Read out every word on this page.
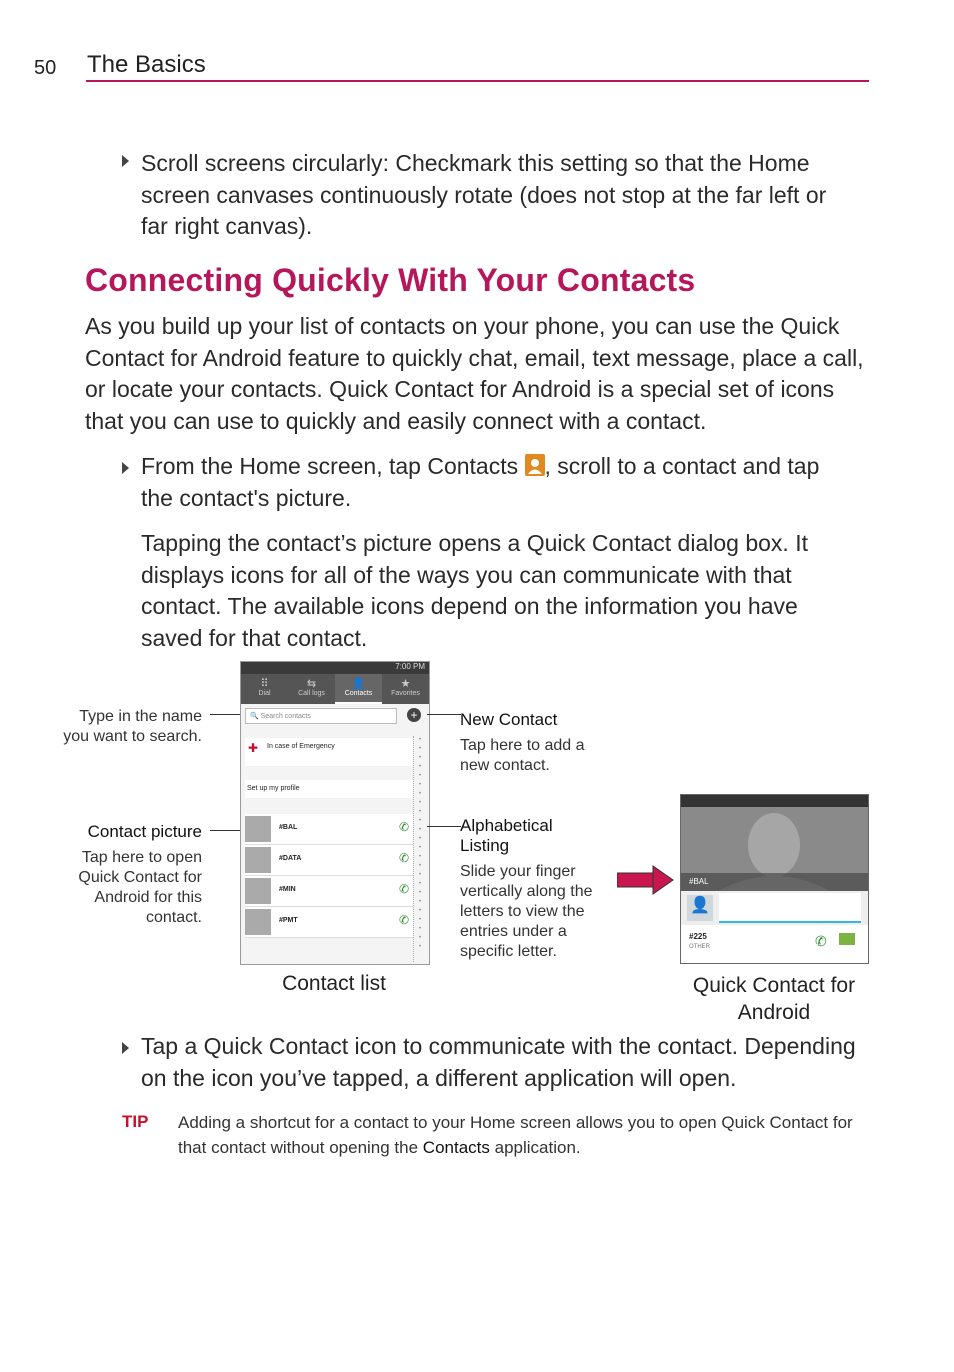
50 The Basics
Scroll screens circularly: Checkmark this setting so that the Home screen canvases continuously rotate (does not stop at the far left or far right canvas).
Connecting Quickly With Your Contacts
As you build up your list of contacts on your phone, you can use the Quick Contact for Android feature to quickly chat, email, text message, place a call, or locate your contacts. Quick Contact for Android is a special set of icons that you can use to quickly and easily connect with a contact.
From the Home screen, tap Contacts , scroll to a contact and tap the contact's picture.
Tapping the contact’s picture opens a Quick Contact dialog box. It displays icons for all of the ways you can communicate with that contact. The available icons depend on the information you have saved for that contact.
Type in the name you want to search.
Contact picture
Tap here to open Quick Contact for Android for this contact.
7:00 PM
⠿
Dial
⇆
Call logs
👤
Contacts
★
Favorites
🔍 Search contacts	+
✚ In case of Emergency
Set up my profile
•
•
•
•
•
•
•
•
•
•
•
•
•
•
•
•
•
•
•
•
•
•
•
•
#BAL	✆
#DATA	✆
#MIN	✆
#PMT	✆
New Contact
Tap here to add a new contact.
Alphabetical Listing
Slide your finger vertically along the letters to view the entries under a specific letter.
#BAL
👤
#225
OTHER	✆
Contact list	Quick Contact for Android
Tap a Quick Contact icon to communicate with the contact. Depending on the icon you’ve tapped, a different application will open.
TIP Adding a shortcut for a contact to your Home screen allows you to open Quick Contact for that contact without opening the Contacts application.
